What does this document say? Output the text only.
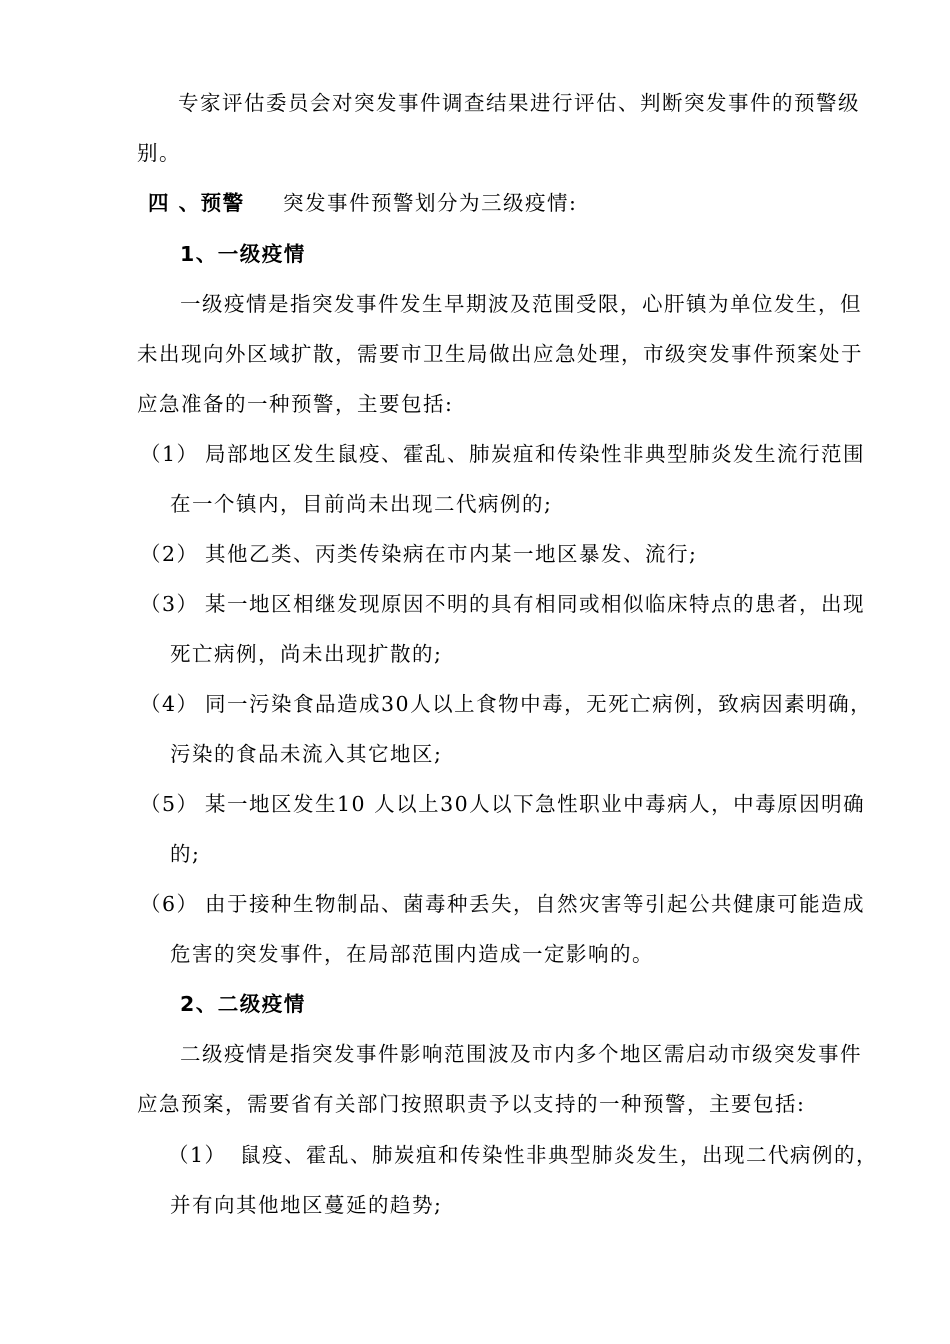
专家评估委员会对突发事件调查结果进行评估、判断突发事件的预警级
别。
四 、预警 突发事件预警划分为三级疫情:
1、一级疫情
一级疫情是指突发事件发生早期波及范围受限，心肝镇为单位发生，但
未出现向外区域扩散，需要市卫生局做出应急处理，市级突发事件预案处于
应急准备的一种预警，主要包括:
（1） 局部地区发生鼠疫、霍乱、肺炭疽和传染性非典型肺炎发生流行范围
在一个镇内，目前尚未出现二代病例的;
（2） 其他乙类、丙类传染病在市内某一地区暴发、流行;
（3） 某一地区相继发现原因不明的具有相同或相似临床特点的患者，出现
死亡病例，尚未出现扩散的;
（4） 同一污染食品造成30人以上食物中毒，无死亡病例，致病因素明确，
污染的食品未流入其它地区;
（5） 某一地区发生10 人以上30人以下急性职业中毒病人，中毒原因明确
的;
（6） 由于接种生物制品、菌毒种丢失，自然灾害等引起公共健康可能造成
危害的突发事件，在局部范围内造成一定影响的。
2、二级疫情
二级疫情是指突发事件影响范围波及市内多个地区需启动市级突发事件
应急预案，需要省有关部门按照职责予以支持的一种预警，主要包括:
（1） 鼠疫、霍乱、肺炭疽和传染性非典型肺炎发生，出现二代病例的，
并有向其他地区蔓延的趋势;
